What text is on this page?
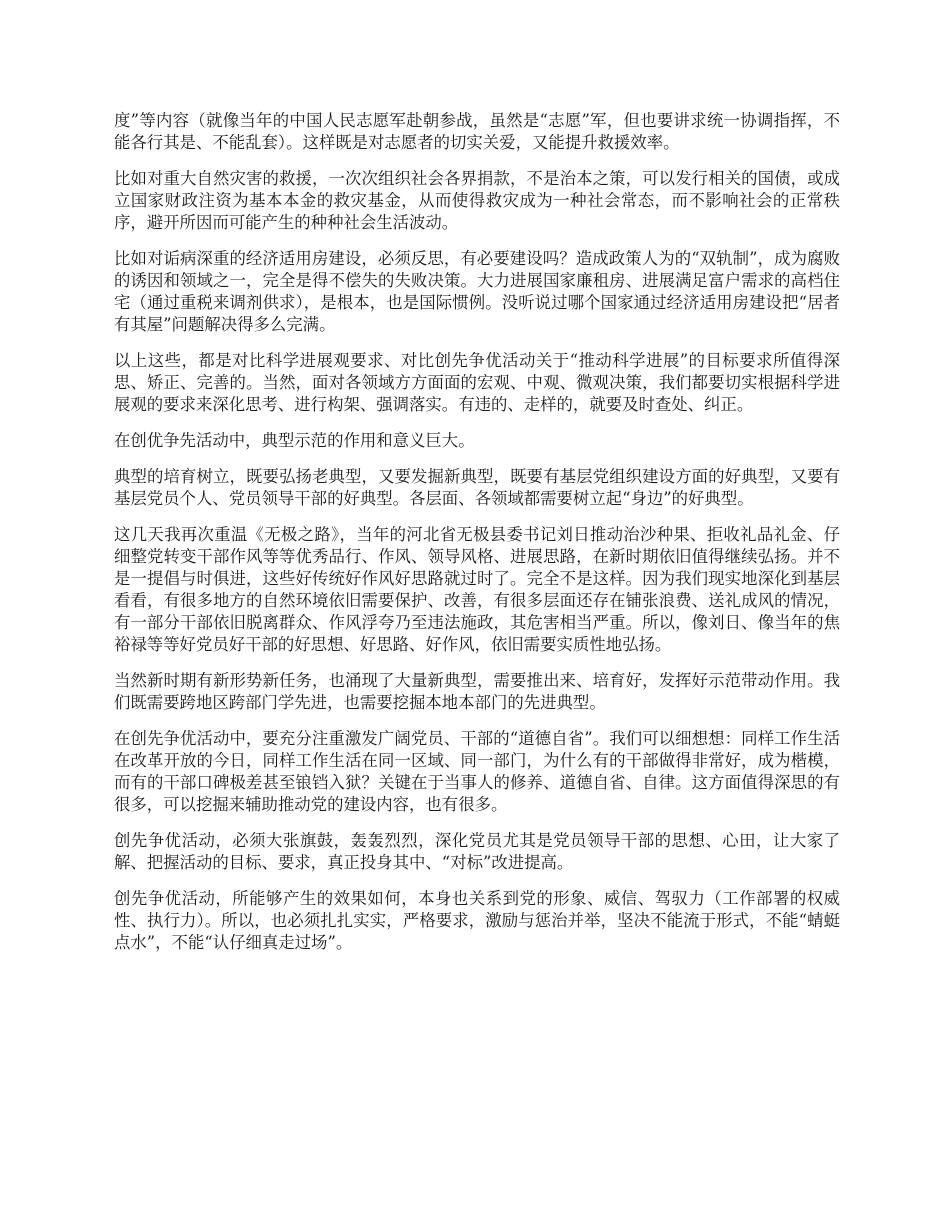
度”等内容（就像当年的中国人民志愿军赴朝参战，虽然是“志愿”军，但也要讲求统一协调指挥，不能各行其是、不能乱套）。这样既是对志愿者的切实关爱，又能提升救援效率。

比如对重大自然灾害的救援，一次次组织社会各界捐款，不是治本之策，可以发行相关的国债，或成立国家财政注资为基本本金的救灾基金，从而使得救灾成为一种社会常态，而不影响社会的正常秩序，避开所因而可能产生的种种社会生活波动。

比如对诟病深重的经济适用房建设，必须反思，有必要建设吗？造成政策人为的“双轨制”，成为腐败的诱因和领域之一，完全是得不偿失的失败决策。大力进展国家廉租房、进展满足富户需求的高档住宅（通过重税来调剂供求），是根本，也是国际惯例。没听说过哪个国家通过经济适用房建设把“居者有其屋”问题解决得多么完满。

以上这些，都是对比科学进展观要求、对比创先争优活动关于“推动科学进展”的目标要求所值得深思、矫正、完善的。当然，面对各领域方方面面的宏观、中观、微观决策，我们都要切实根据科学进展观的要求来深化思考、进行构架、强调落实。有违的、走样的，就要及时查处、纠正。

在创优争先活动中，典型示范的作用和意义巨大。

典型的培育树立，既要弘扬老典型，又要发掘新典型，既要有基层党组织建设方面的好典型，又要有基层党员个人、党员领导干部的好典型。各层面、各领域都需要树立起“身边”的好典型。

这几天我再次重温《无极之路》，当年的河北省无极县委书记刘日推动治沙种果、拒收礼品礼金、仔细整党转变干部作风等等优秀品行、作风、领导风格、进展思路，在新时期依旧值得继续弘扬。并不是一提倡与时俱进，这些好传统好作风好思路就过时了。完全不是这样。因为我们现实地深化到基层看看，有很多地方的自然环境依旧需要保护、改善，有很多层面还存在铺张浪费、送礼成风的情况，有一部分干部依旧脱离群众、作风浮夸乃至违法施政，其危害相当严重。所以，像刘日、像当年的焦裕禄等等好党员好干部的好思想、好思路、好作风，依旧需要实质性地弘扬。

当然新时期有新形势新任务，也涌现了大量新典型，需要推出来、培育好，发挥好示范带动作用。我们既需要跨地区跨部门学先进，也需要挖掘本地本部门的先进典型。

在创先争优活动中，要充分注重激发广阔党员、干部的“道德自省”。我们可以细想想：同样工作生活在改革开放的今日，同样工作生活在同一区域、同一部门，为什么有的干部做得非常好，成为楷模，而有的干部口碑极差甚至锒铛入狱？关键在于当事人的修养、道德自省、自律。这方面值得深思的有很多，可以挖掘来辅助推动党的建设内容，也有很多。

创先争优活动，必须大张旗鼓，轰轰烈烈，深化党员尤其是党员领导干部的思想、心田，让大家了解、把握活动的目标、要求，真正投身其中、“对标”改进提高。

创先争优活动，所能够产生的效果如何，本身也关系到党的形象、威信、驾驭力（工作部署的权威性、执行力）。所以，也必须扎扎实实，严格要求，激励与惩治并举，坚决不能流于形式，不能“蜻蜓点水”，不能“认仔细真走过场”。
